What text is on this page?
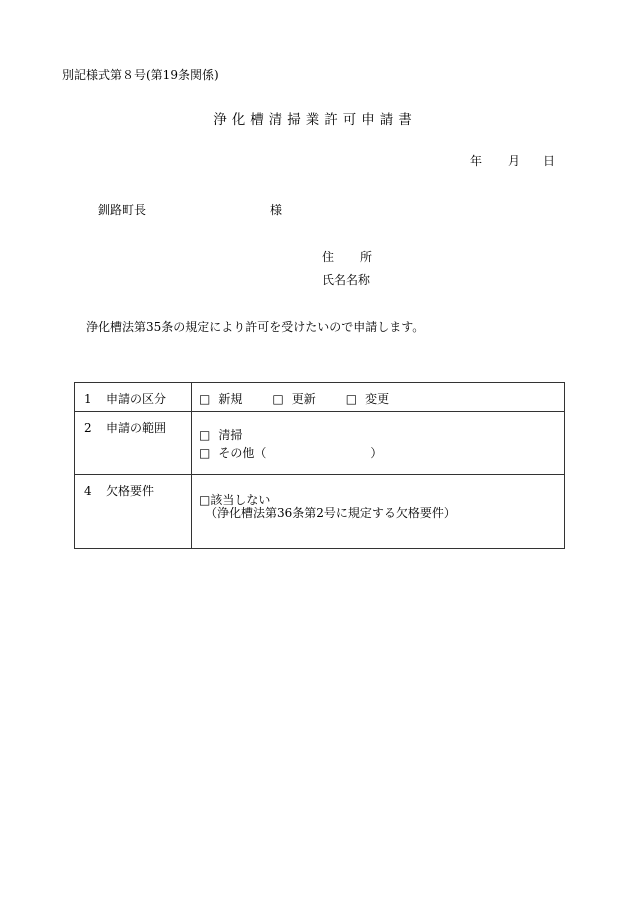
別記様式第８号(第19条関係)
浄化槽清掃業許可申請書
年 月 日
釧路町長	様
住 所
氏名名称
浄化槽法第35条の規定により許可を受けたいので申請します。
1 申請の区分	□ 新規 □ 更新 □ 変更

2 申請の範囲	□ 清掃
□ その他（ ）

4 欠格要件	□該当しない
（浄化槽法第36条第2号に規定する欠格要件）
